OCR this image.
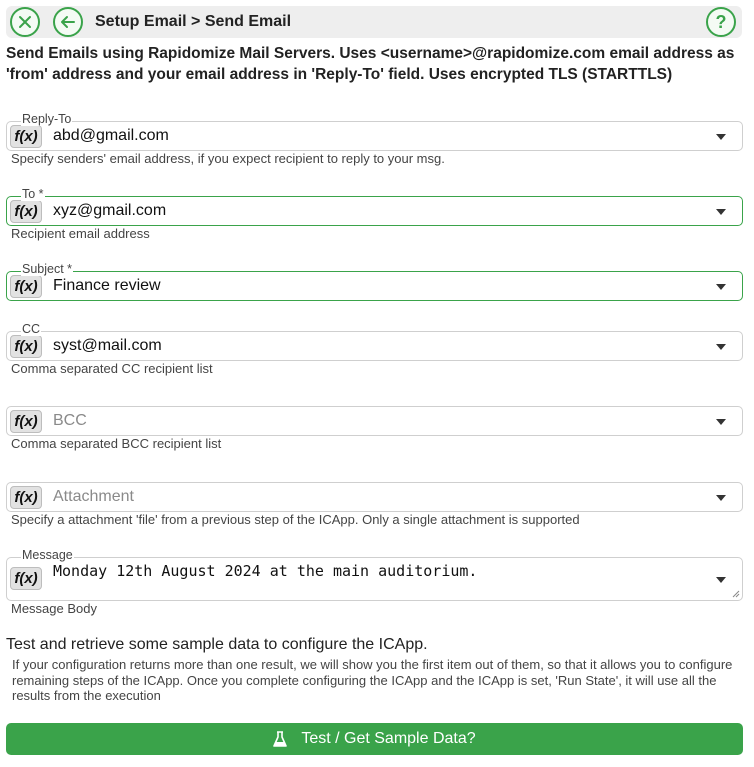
Setup Email > Send Email	?
Send Emails using Rapidomize Mail Servers. Uses <username>@rapidomize.com email address as 'from' address and your email address in 'Reply-To' field. Uses encrypted TLS (STARTTLS)
f(x) abd@gmail.com
Reply-To
Specify senders' email address, if you expect recipient to reply to your msg.
f(x) xyz@gmail.com
To *
Recipient email address
f(x) Finance review
Subject *
f(x) syst@mail.com
CC
Comma separated CC recipient list
f(x) BCC
Comma separated BCC recipient list
f(x) Attachment
Specify a attachment 'file' from a previous step of the ICApp. Only a single attachment is supported
f(x) Monday 12th August 2024 at the main auditorium.
Message
Message Body
Test and retrieve some sample data to configure the ICApp.
If your configuration returns more than one result, we will show you the first item out of them, so that it allows you to configure remaining steps of the ICApp. Once you complete configuring the ICApp and the ICApp is set, 'Run State', it will use all the results from the execution
Test / Get Sample Data?
